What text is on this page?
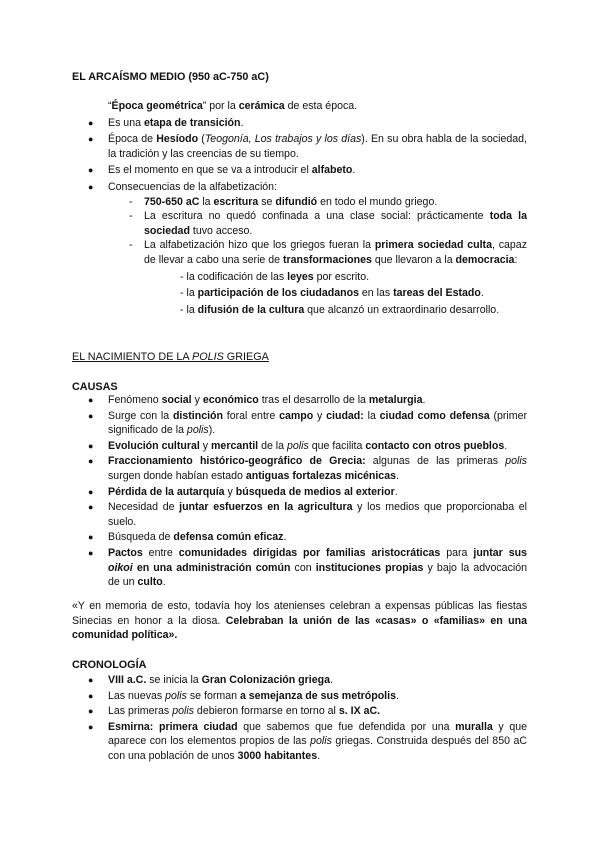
EL ARCAÍSMO MEDIO (950 aC-750 aC)
“Época geométrica” por la cerámica de esta época.
● Es una etapa de transición.
● Época de Hesíodo (Teogonía, Los trabajos y los días). En su obra habla de la sociedad, la tradición y las creencias de su tiempo.
● Es el momento en que se va a introducir el alfabeto.
● Consecuencias de la alfabetización:
- 750-650 aC la escritura se difundió en todo el mundo griego.
- La escritura no quedó confinada a una clase social: prácticamente toda la sociedad tuvo acceso.
- La alfabetización hizo que los griegos fueran la primera sociedad culta, capaz de llevar a cabo una serie de transformaciones que llevaron a la democracia:
- la codificación de las leyes por escrito.
- la participación de los ciudadanos en las tareas del Estado.
- la difusión de la cultura que alcanzó un extraordinario desarrollo.
EL NACIMIENTO DE LA POLIS GRIEGA
CAUSAS
● Fenómeno social y económico tras el desarrollo de la metalurgia.
● Surge con la distinción foral entre campo y ciudad: la ciudad como defensa (primer significado de la polis).
● Evolución cultural y mercantil de la polis que facilita contacto con otros pueblos.
● Fraccionamiento histórico-geográfico de Grecia: algunas de las primeras polis surgen donde habían estado antiguas fortalezas micénicas.
● Pérdida de la autarquía y búsqueda de medios al exterior.
● Necesidad de juntar esfuerzos en la agricultura y los medios que proporcionaba el suelo.
● Búsqueda de defensa común eficaz.
● Pactos entre comunidades dirigidas por familias aristocráticas para juntar sus oikoi en una administración común con instituciones propias y bajo la advocación de un culto.
«Y en memoria de esto, todavía hoy los atenienses celebran a expensas públicas las fiestas Sinecias en honor a la diosa. Celebraban la unión de las «casas» o «familias» en una comunidad política».
CRONOLOGÍA
● VIII a.C. se inicia la Gran Colonización griega.
● Las nuevas polis se forman a semejanza de sus metrópolis.
● Las primeras polis debieron formarse en torno al s. IX aC.
● Esmirna: primera ciudad que sabemos que fue defendida por una muralla y que aparece con los elementos propios de las polis griegas. Construida después del 850 aC con una población de unos 3000 habitantes.
